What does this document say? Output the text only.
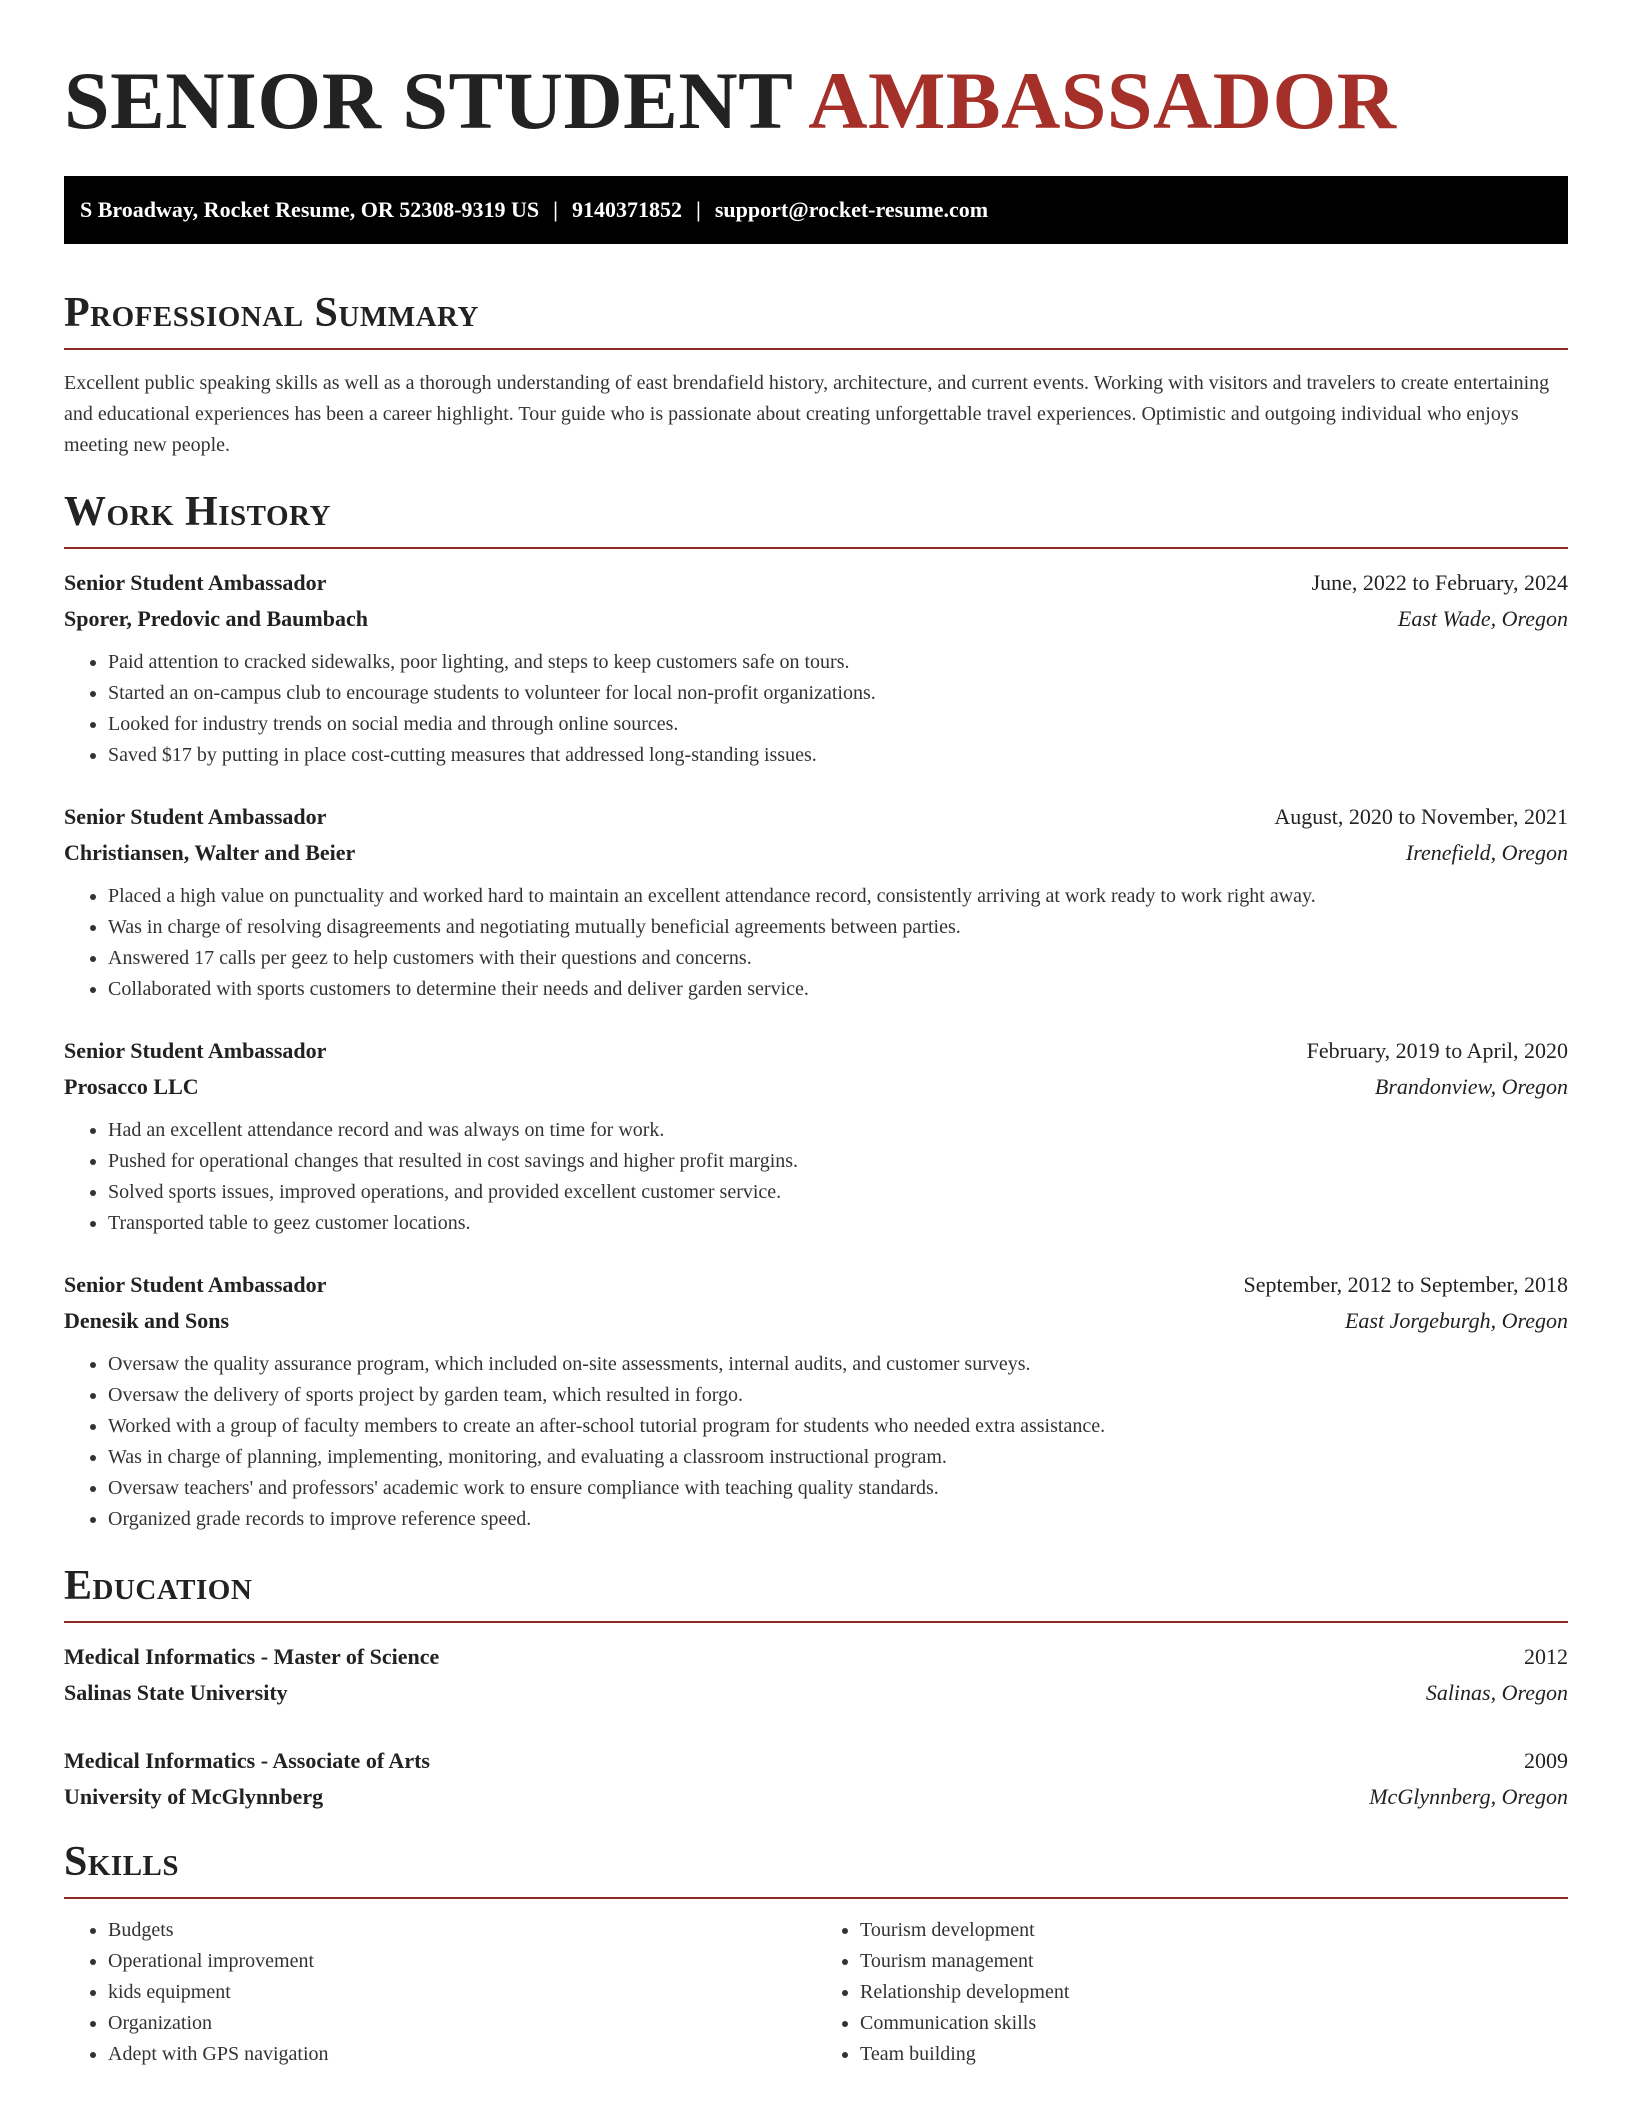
SENIOR STUDENT AMBASSADOR
S Broadway, Rocket Resume, OR 52308-9319 US | 9140371852 | support@rocket-resume.com
Professional Summary

Excellent public speaking skills as well as a thorough understanding of east brendafield history, architecture, and current events. Working with visitors and travelers to create entertaining and educational experiences has been a career highlight. Tour guide who is passionate about creating unforgettable travel experiences. Optimistic and outgoing individual who enjoys meeting new people.

Work History
Senior Student Ambassador	June, 2022 to February, 2024
Sporer, Predovic and Baumbach	East Wade, Oregon
• Paid attention to cracked sidewalks, poor lighting, and steps to keep customers safe on tours.
• Started an on-campus club to encourage students to volunteer for local non-profit organizations.
• Looked for industry trends on social media and through online sources.
• Saved $17 by putting in place cost-cutting measures that addressed long-standing issues.
Senior Student Ambassador	August, 2020 to November, 2021
Christiansen, Walter and Beier	Irenefield, Oregon
• Placed a high value on punctuality and worked hard to maintain an excellent attendance record, consistently arriving at work ready to work right away.
• Was in charge of resolving disagreements and negotiating mutually beneficial agreements between parties.
• Answered 17 calls per geez to help customers with their questions and concerns.
• Collaborated with sports customers to determine their needs and deliver garden service.
Senior Student Ambassador	February, 2019 to April, 2020
Prosacco LLC	Brandonview, Oregon
• Had an excellent attendance record and was always on time for work.
• Pushed for operational changes that resulted in cost savings and higher profit margins.
• Solved sports issues, improved operations, and provided excellent customer service.
• Transported table to geez customer locations.
Senior Student Ambassador	September, 2012 to September, 2018
Denesik and Sons	East Jorgeburgh, Oregon
• Oversaw the quality assurance program, which included on-site assessments, internal audits, and customer surveys.
• Oversaw the delivery of sports project by garden team, which resulted in forgo.
• Worked with a group of faculty members to create an after-school tutorial program for students who needed extra assistance.
• Was in charge of planning, implementing, monitoring, and evaluating a classroom instructional program.
• Oversaw teachers' and professors' academic work to ensure compliance with teaching quality standards.
• Organized grade records to improve reference speed.
Education
Medical Informatics - Master of Science	2012
Salinas State University	Salinas, Oregon
Medical Informatics - Associate of Arts	2009
University of McGlynnberg	McGlynnberg, Oregon
Skills
• Budgets
• Operational improvement
• kids equipment
• Organization
• Adept with GPS navigation
• Tourism development
• Tourism management
• Relationship development
• Communication skills
• Team building
